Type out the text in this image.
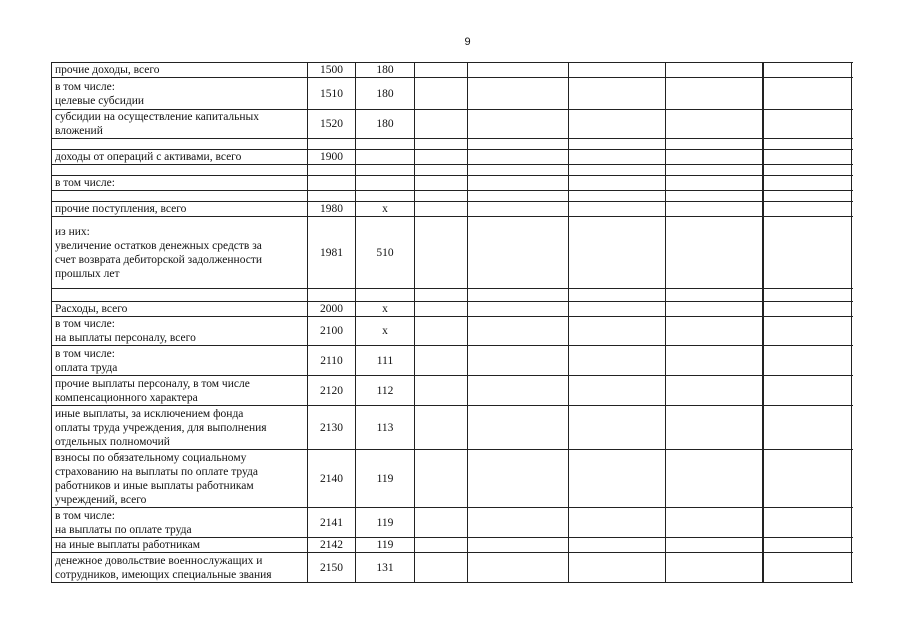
9
прочие доходы, всего	1500	180							
в том числе:
целевые субсидии	1510	180							
субсидии на осуществление капитальных
вложений	1520	180							

доходы от операций с активами, всего	1900								

в том числе:									

прочие поступления, всего	1980	x							
из них:
увеличение остатков денежных средств за
счет возврата дебиторской задолженности
прошлых лет	1981	510							

Расходы, всего	2000	x							
в том числе:
на выплаты персоналу, всего	2100	x							
в том числе:
оплата труда	2110	111							
прочие выплаты персоналу, в том числе
компенсационного характера	2120	112							
иные выплаты, за исключением фонда
оплаты труда учреждения, для выполнения
отдельных полномочий	2130	113							
взносы по обязательному социальному
страхованию на выплаты по оплате труда
работников и иные выплаты работникам
учреждений, всего	2140	119							
в том числе:
на выплаты по оплате труда	2141	119							
на иные выплаты работникам	2142	119							
денежное довольствие военнослужащих и
сотрудников, имеющих специальные звания	2150	131							
